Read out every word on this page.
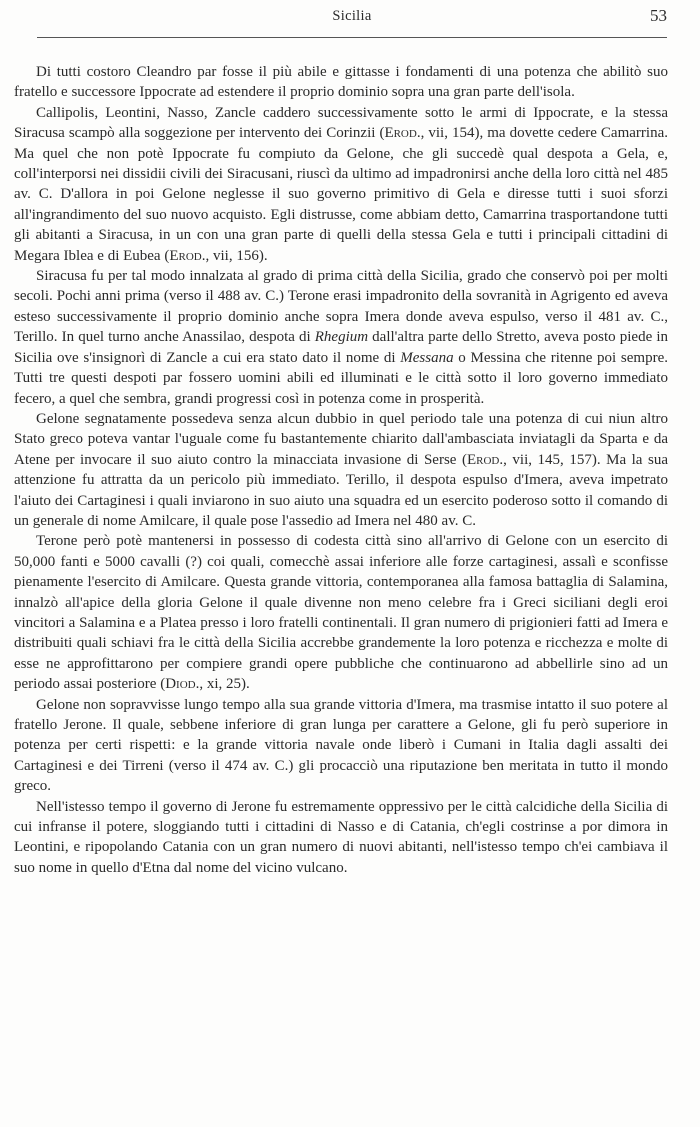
Sicilia	53

Di tutti costoro Cleandro par fosse il più abile e gittasse i fondamenti di una potenza che abilitò suo fratello e successore Ippocrate ad estendere il proprio dominio sopra una gran parte dell'isola.

Callipolis, Leontini, Nasso, Zancle caddero successivamente sotto le armi di Ippocrate, e la stessa Siracusa scampò alla soggezione per intervento dei Corinzii (Erod., vii, 154), ma dovette cedere Camarrina. Ma quel che non potè Ippocrate fu compiuto da Gelone, che gli succedè qual despota a Gela, e, coll'interporsi nei dissidii civili dei Siracusani, riuscì da ultimo ad impadronirsi anche della loro città nel 485 av. C. D'allora in poi Gelone neglesse il suo governo primitivo di Gela e diresse tutti i suoi sforzi all'ingrandimento del suo nuovo acquisto. Egli distrusse, come abbiam detto, Camarrina trasportandone tutti gli abitanti a Siracusa, in un con una gran parte di quelli della stessa Gela e tutti i principali cittadini di Megara Iblea e di Eubea (Erod., vii, 156).

Siracusa fu per tal modo innalzata al grado di prima città della Sicilia, grado che conservò poi per molti secoli. Pochi anni prima (verso il 488 av. C.) Terone erasi impadronito della sovranità in Agrigento ed aveva esteso successivamente il proprio dominio anche sopra Imera donde aveva espulso, verso il 481 av. C., Terillo. In quel turno anche Anassilao, despota di Rhegium dall'altra parte dello Stretto, aveva posto piede in Sicilia ove s'insignorì di Zancle a cui era stato dato il nome di Messana o Messina che ritenne poi sempre. Tutti tre questi despoti par fossero uomini abili ed illuminati e le città sotto il loro governo immediato fecero, a quel che sembra, grandi progressi così in potenza come in prosperità.

Gelone segnatamente possedeva senza alcun dubbio in quel periodo tale una potenza di cui niun altro Stato greco poteva vantar l'uguale come fu bastantemente chiarito dall'ambasciata inviatagli da Sparta e da Atene per invocare il suo aiuto contro la minacciata invasione di Serse (Erod., vii, 145, 157). Ma la sua attenzione fu attratta da un pericolo più immediato. Terillo, il despota espulso d'Imera, aveva impetrato l'aiuto dei Cartaginesi i quali inviarono in suo aiuto una squadra ed un esercito poderoso sotto il comando di un generale di nome Amilcare, il quale pose l'assedio ad Imera nel 480 av. C.

Terone però potè mantenersi in possesso di codesta città sino all'arrivo di Gelone con un esercito di 50,000 fanti e 5000 cavalli (?) coi quali, comecchè assai inferiore alle forze cartaginesi, assalì e sconfisse pienamente l'esercito di Amilcare. Questa grande vittoria, contemporanea alla famosa battaglia di Salamina, innalzò all'apice della gloria Gelone il quale divenne non meno celebre fra i Greci siciliani degli eroi vincitori a Salamina e a Platea presso i loro fratelli continentali. Il gran numero di prigionieri fatti ad Imera e distribuiti quali schiavi fra le città della Sicilia accrebbe grandemente la loro potenza e ricchezza e molte di esse ne approfittarono per compiere grandi opere pubbliche che continuarono ad abbellirle sino ad un periodo assai posteriore (Diod., xi, 25).

Gelone non sopravvisse lungo tempo alla sua grande vittoria d'Imera, ma trasmise intatto il suo potere al fratello Jerone. Il quale, sebbene inferiore di gran lunga per carattere a Gelone, gli fu però superiore in potenza per certi rispetti: e la grande vittoria navale onde liberò i Cumani in Italia dagli assalti dei Cartaginesi e dei Tirreni (verso il 474 av. C.) gli procacciò una riputazione ben meritata in tutto il mondo greco.

Nell'istesso tempo il governo di Jerone fu estremamente oppressivo per le città calcidiche della Sicilia di cui infranse il potere, sloggiando tutti i cittadini di Nasso e di Catania, ch'egli costrinse a por dimora in Leontini, e ripopolando Catania con un gran numero di nuovi abitanti, nell'istesso tempo ch'ei cambiava il suo nome in quello d'Etna dal nome del vicino vulcano.
